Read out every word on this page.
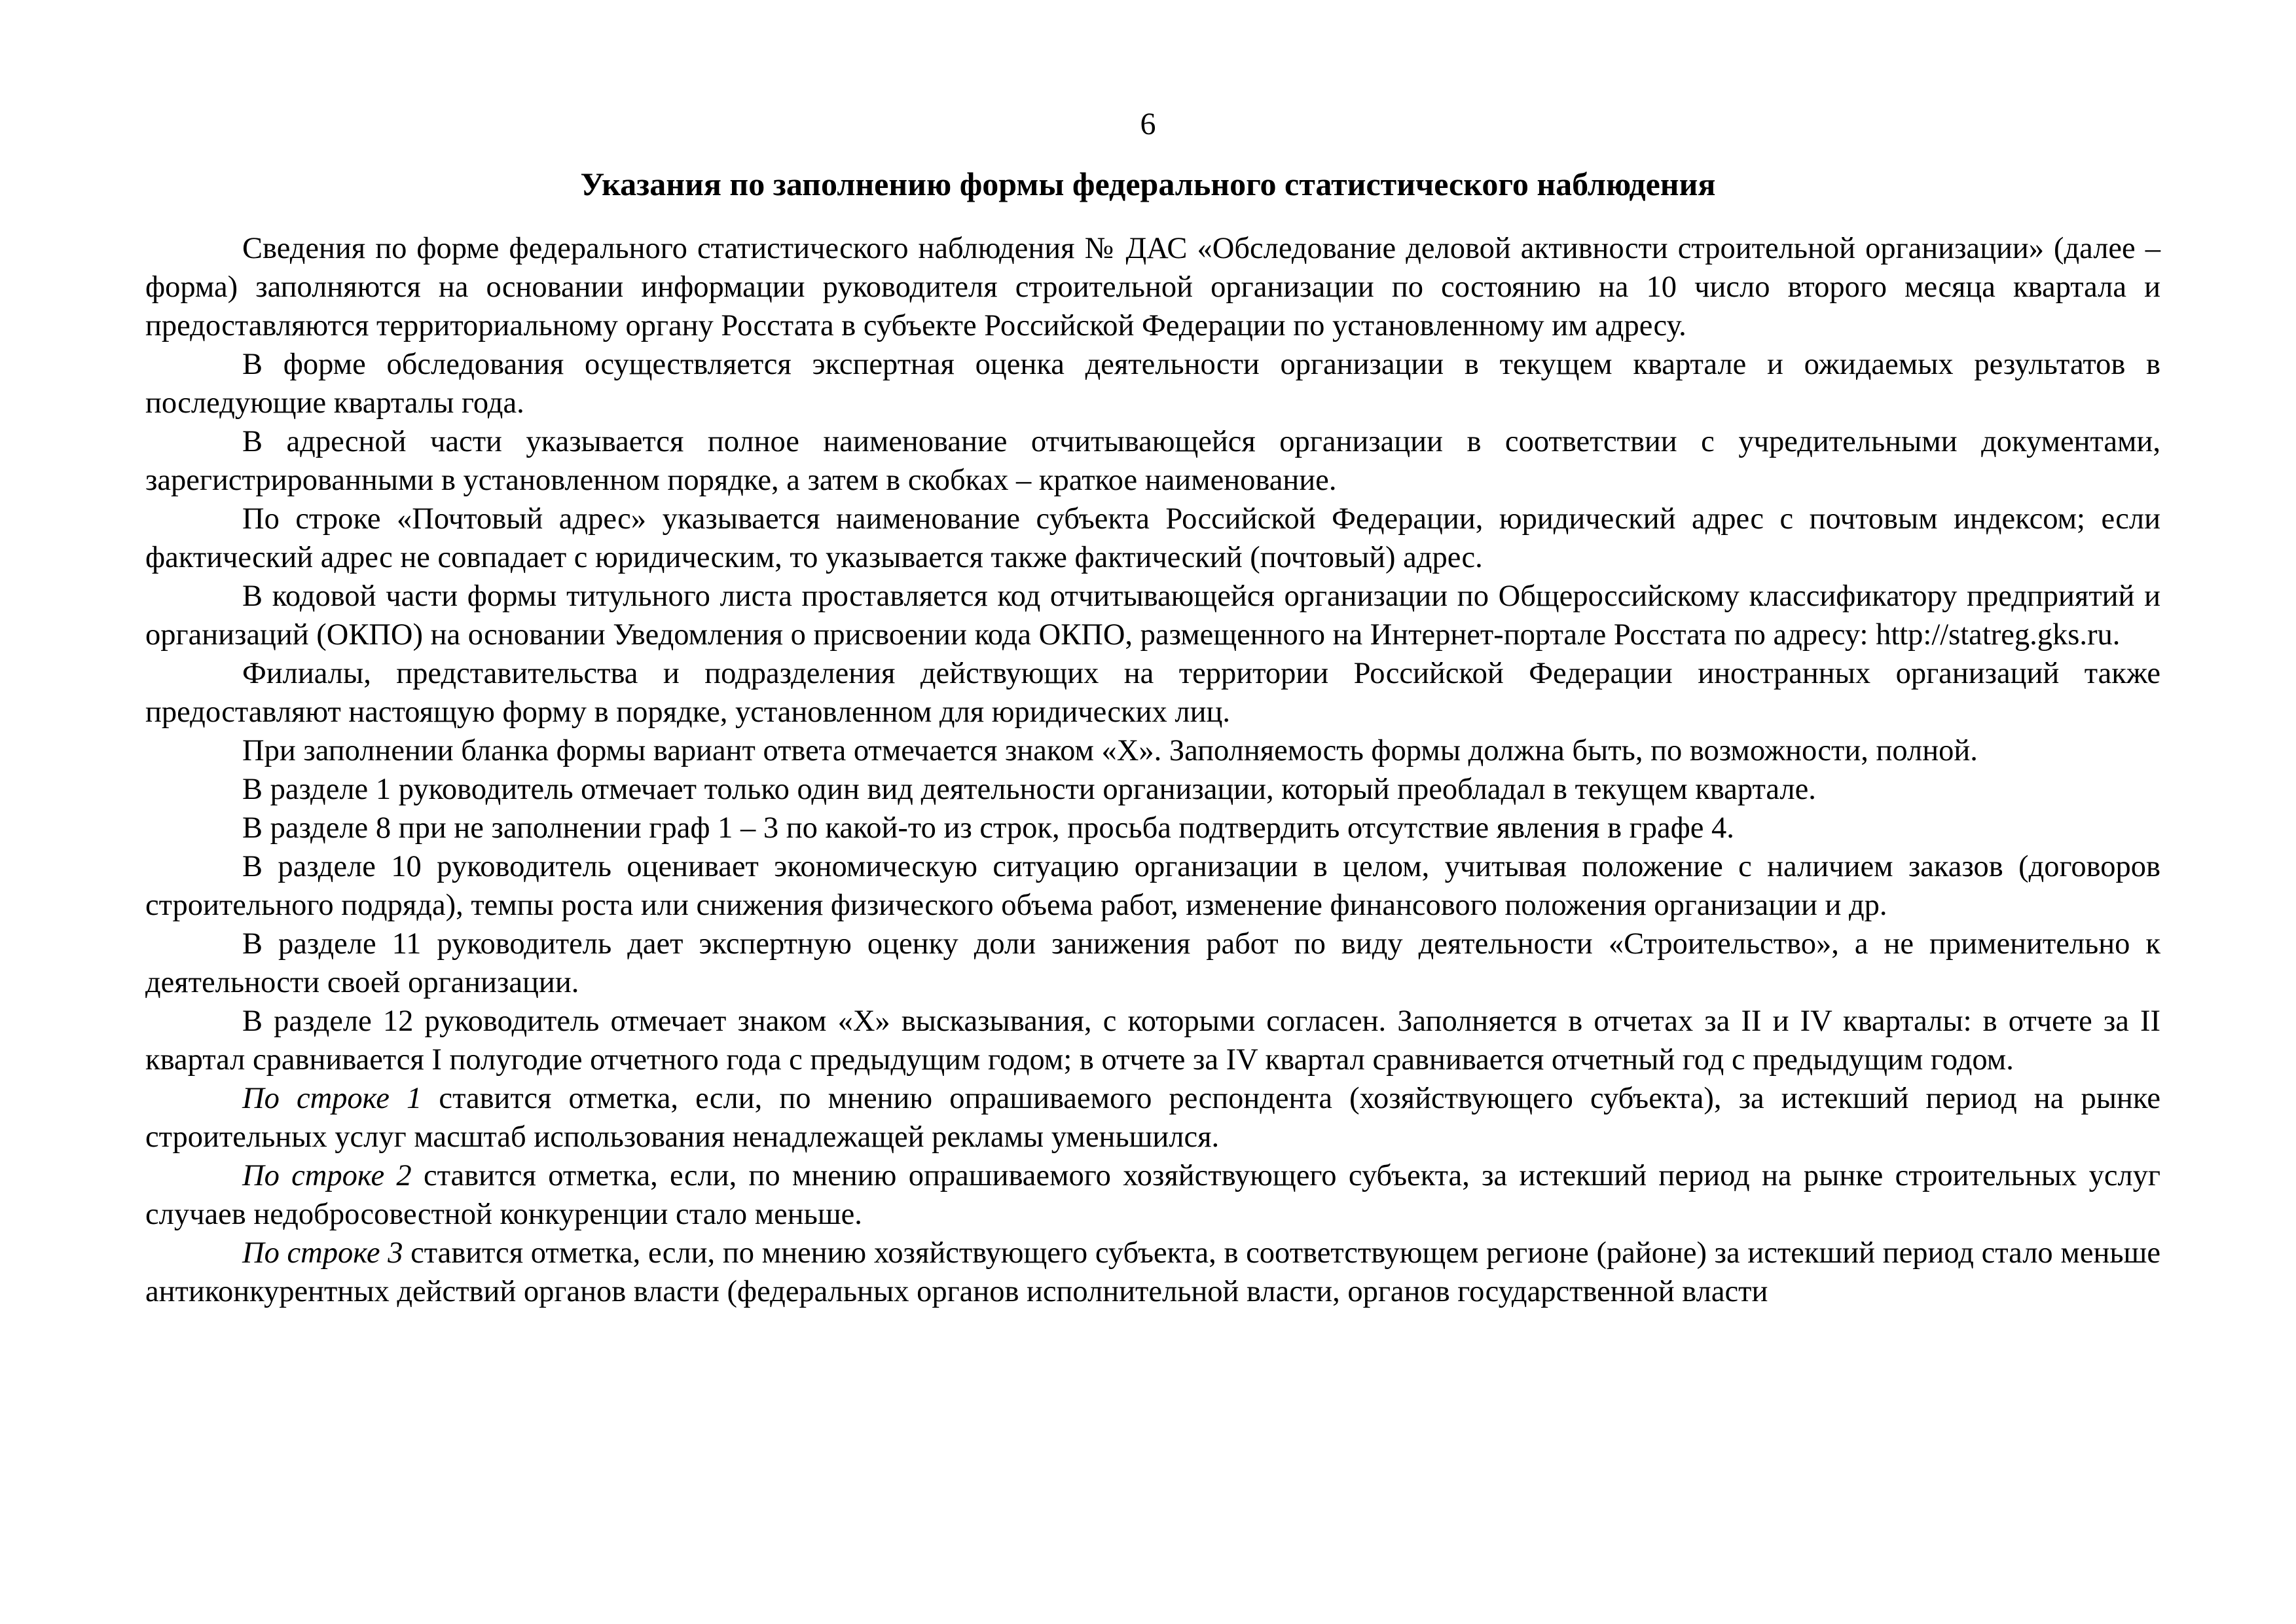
6
Указания по заполнению формы федерального статистического наблюдения

Сведения по форме федерального статистического наблюдения № ДАС «Обследование деловой активности строительной организации» (далее – форма) заполняются на основании информации руководителя строительной организации по состоянию на 10 число второго месяца квартала и предоставляются территориальному органу Росстата в субъекте Российской Федерации по установленному им адресу.

В форме обследования осуществляется экспертная оценка деятельности организации в текущем квартале и ожидаемых результатов в последующие кварталы года.

В адресной части указывается полное наименование отчитывающейся организации в соответствии с учредительными документами, зарегистрированными в установленном порядке, а затем в скобках – краткое наименование.

По строке «Почтовый адрес» указывается наименование субъекта Российской Федерации, юридический адрес с почтовым индексом; если фактический адрес не совпадает с юридическим, то указывается также фактический (почтовый) адрес.

В кодовой части формы титульного листа проставляется код отчитывающейся организации по Общероссийскому классификатору предприятий и организаций (ОКПО) на основании Уведомления о присвоении кода ОКПО, размещенного на Интернет-портале Росстата по адресу: http://statreg.gks.ru.

Филиалы, представительства и подразделения действующих на территории Российской Федерации иностранных организаций также предоставляют настоящую форму в порядке, установленном для юридических лиц.

При заполнении бланка формы вариант ответа отмечается знаком «Х». Заполняемость формы должна быть, по возможности, полной.

В разделе 1 руководитель отмечает только один вид деятельности организации, который преобладал в текущем квартале.

В разделе 8 при не заполнении граф 1 – 3 по какой-то из строк, просьба подтвердить отсутствие явления в графе 4.

В разделе 10 руководитель оценивает экономическую ситуацию организации в целом, учитывая положение с наличием заказов (договоров строительного подряда), темпы роста или снижения физического объема работ, изменение финансового положения организации и др.

В разделе 11 руководитель дает экспертную оценку доли занижения работ по виду деятельности «Строительство», а не применительно к деятельности своей организации.

В разделе 12 руководитель отмечает знаком «Х» высказывания, с которыми согласен. Заполняется в отчетах за II и IV кварталы: в отчете за II квартал сравнивается I полугодие отчетного года с предыдущим годом; в отчете за IV квартал сравнивается отчетный год с предыдущим годом.

По строке 1 ставится отметка, если, по мнению опрашиваемого респондента (хозяйствующего субъекта), за истекший период на рынке строительных услуг масштаб использования ненадлежащей рекламы уменьшился.

По строке 2 ставится отметка, если, по мнению опрашиваемого хозяйствующего субъекта, за истекший период на рынке строительных услуг случаев недобросовестной конкуренции стало меньше.

По строке 3 ставится отметка, если, по мнению хозяйствующего субъекта, в соответствующем регионе (районе) за истекший период стало меньше антиконкурентных действий органов власти (федеральных органов исполнительной власти, органов государственной власти
